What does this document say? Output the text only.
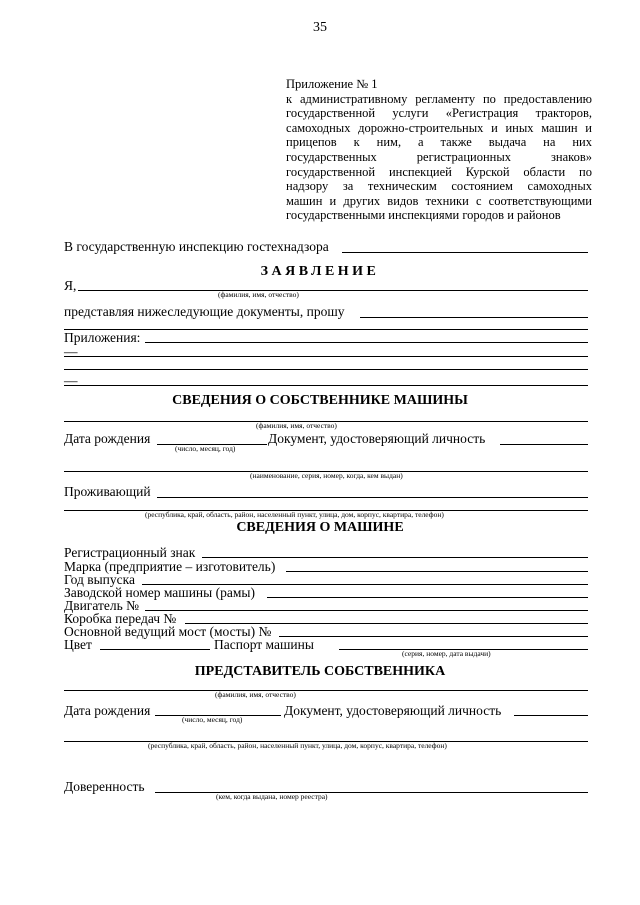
35
Приложение № 1
к административному регламенту по предоставлению
государственной услуги «Регистрация тракторов,
самоходных дорожно-строительных и иных машин и
прицепов к ним, а также выдача на них
государственных регистрационных знаков»
государственной инспекцией Курской области по
надзору за техническим состоянием самоходных
машин и других видов техники с соответствующими
государственными инспекциями городов и районов
В государственную инспекцию гостехнадзора
ЗАЯВЛЕНИЕ
Я,
(фамилия, имя, отчество)
представляя нижеследующие документы, прошу
Приложения:
—
—
СВЕДЕНИЯ О СОБСТВЕННИКЕ МАШИНЫ
(фамилия, имя, отчество)
Дата рождения
(число, месяц, год)
Документ, удостоверяющий личность
(наименование, серия, номер, когда, кем выдан)
Проживающий
(республика, край, область, район, населенный пункт, улица, дом, корпус, квартира, телефон)
СВЕДЕНИЯ О МАШИНЕ
Регистрационный знак
Марка (предприятие – изготовитель)
Год выпуска
Заводской номер машины (рамы)
Двигатель №
Коробка передач №
Основной ведущий мост (мосты) №
Цвет	Паспорт машины
(серия, номер, дата выдачи)
ПРЕДСТАВИТЕЛЬ СОБСТВЕННИКА
(фамилия, имя, отчество)
Дата рождения
(число, месяц, год)
Документ, удостоверяющий личность
(республика, край, область, район, населенный пункт, улица, дом, корпус, квартира, телефон)
Доверенность
(кем, когда выдана, номер реестра)
